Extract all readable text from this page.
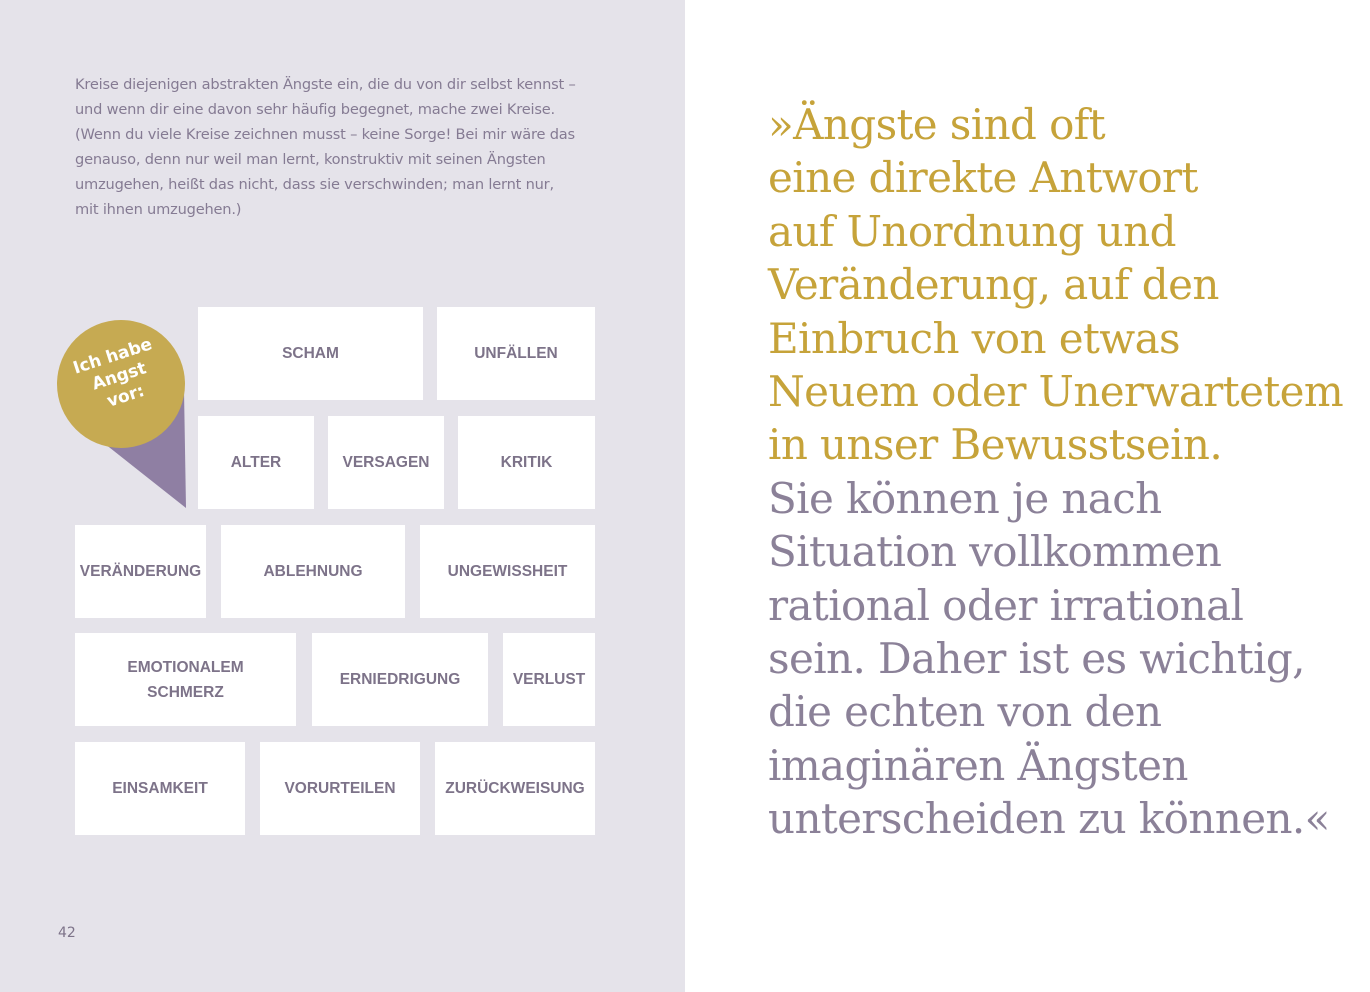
Kreise diejenigen abstrakten Ängste ein, die du von dir selbst kennst –
und wenn dir eine davon sehr häufig begegnet, mache zwei Kreise.
(Wenn du viele Kreise zeichnen musst – keine Sorge! Bei mir wäre das
genauso, denn nur weil man lernt, konstruktiv mit seinen Ängsten
umzugehen, heißt das nicht, dass sie verschwinden; man lernt nur,
mit ihnen umzugehen.)
Ich habe
Angst
vor:
SCHAM	UNFÄLLEN
ALTER	VERSAGEN	KRITIK
VERÄNDERUNG	ABLEHNUNG	UNGEWISSHEIT
EMOTIONALEM
SCHMERZ
ERNIEDRIGUNG	VERLUST
EINSAMKEIT	VORURTEILEN	ZURÜCKWEISUNG
42
»Ängste sind oft
eine direkte Antwort
auf Unordnung und
Veränderung, auf den
Einbruch von etwas
Neuem oder Unerwartetem
in unser Bewusstsein.
Sie können je nach
Situation vollkommen
rational oder irrational
sein. Daher ist es wichtig,
die echten von den
imaginären Ängsten
unterscheiden zu können.«
